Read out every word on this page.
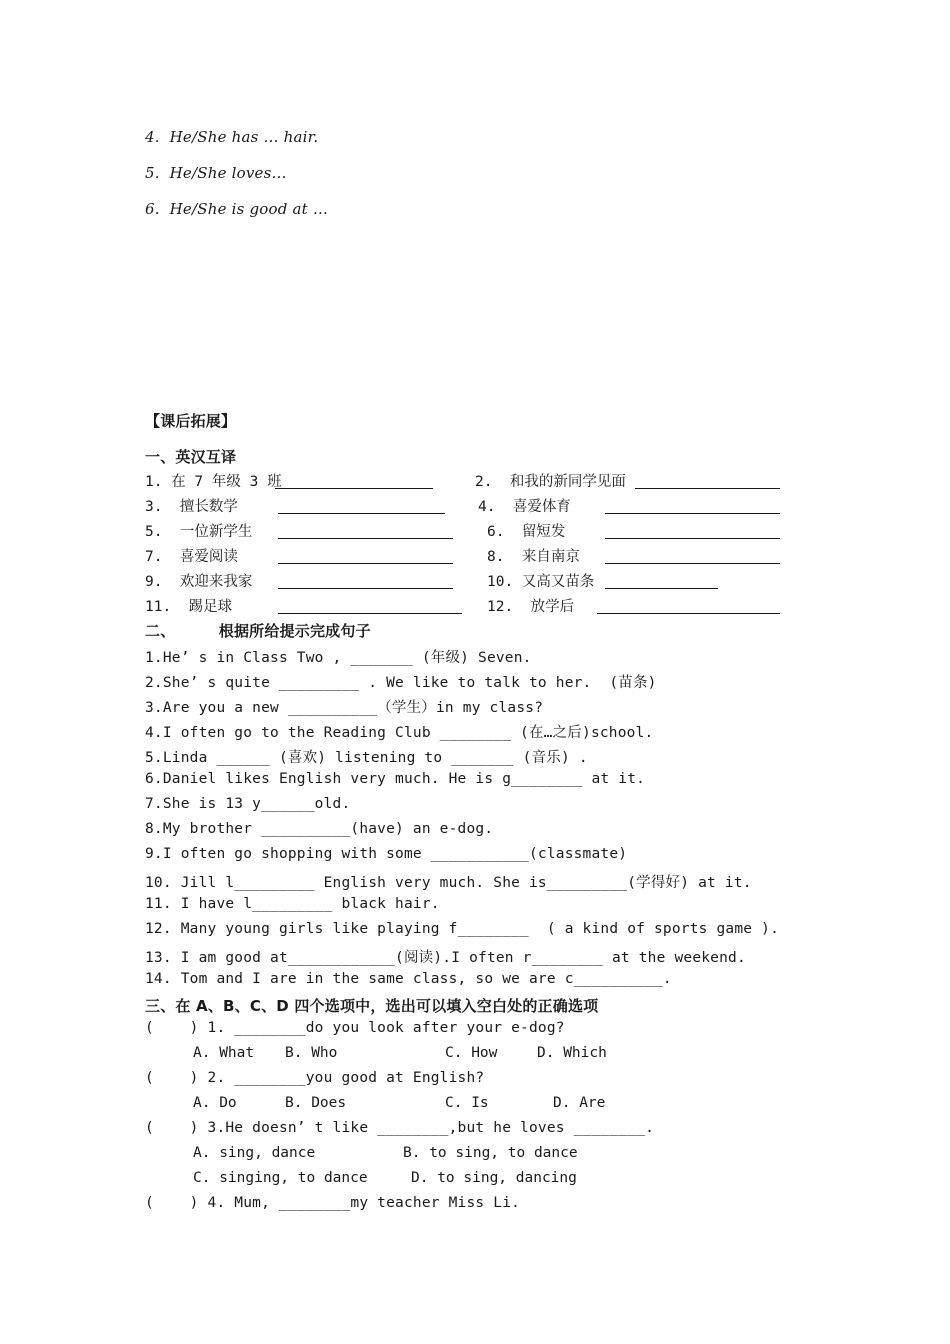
4.  He/She has … hair.
5.  He/She loves…
6.  He/She is good at …
【课后拓展】
一、英汉互译
1. 在 7 年级 3 班	2.  和我的新同学见面
3.  擅长数学	4.  喜爱体育
5.  一位新学生	6.  留短发
7.  喜爱阅读	8.  来自南京
9.  欢迎来我家	10. 又高又苗条
11.  踢足球	12.  放学后
二、        根据所给提示完成句子
1.He’ s in Class Two , _______ (年级) Seven.
2.She’ s quite _________ . We like to talk to her.  (苗条)
3.Are you a new __________（学生）in my class?
4.I often go to the Reading Club ________ (在…之后)school.
5.Linda ______ (喜欢) listening to _______ (音乐) .
6.Daniel likes English very much. He is g________ at it.
7.She is 13 y______old.
8.My brother __________(have) an e-dog.
9.I often go shopping with some ___________(classmate)
10. Jill l_________ English very much. She is_________(学得好) at it.
11. I have l_________ black hair.
12. Many young girls like playing f________  ( a kind of sports game ).
13. I am good at____________(阅读).I often r________ at the weekend.
14. Tom and I are in the same class, so we are c__________.
三、在 A、B、C、D 四个选项中，选出可以填入空白处的正确选项
(    ) 1. ________do you look after your e-dog?
A. What B. Who	C. How	D. Which
(    ) 2. ________you good at English?
A. Do	B. Does	C. Is	D. Are
(    ) 3.He doesn’ t like ________,but he loves ________.
A. sing, dance	B. to sing, to dance
C. singing, to dance	D. to sing, dancing
(    ) 4. Mum, ________my teacher Miss Li.
